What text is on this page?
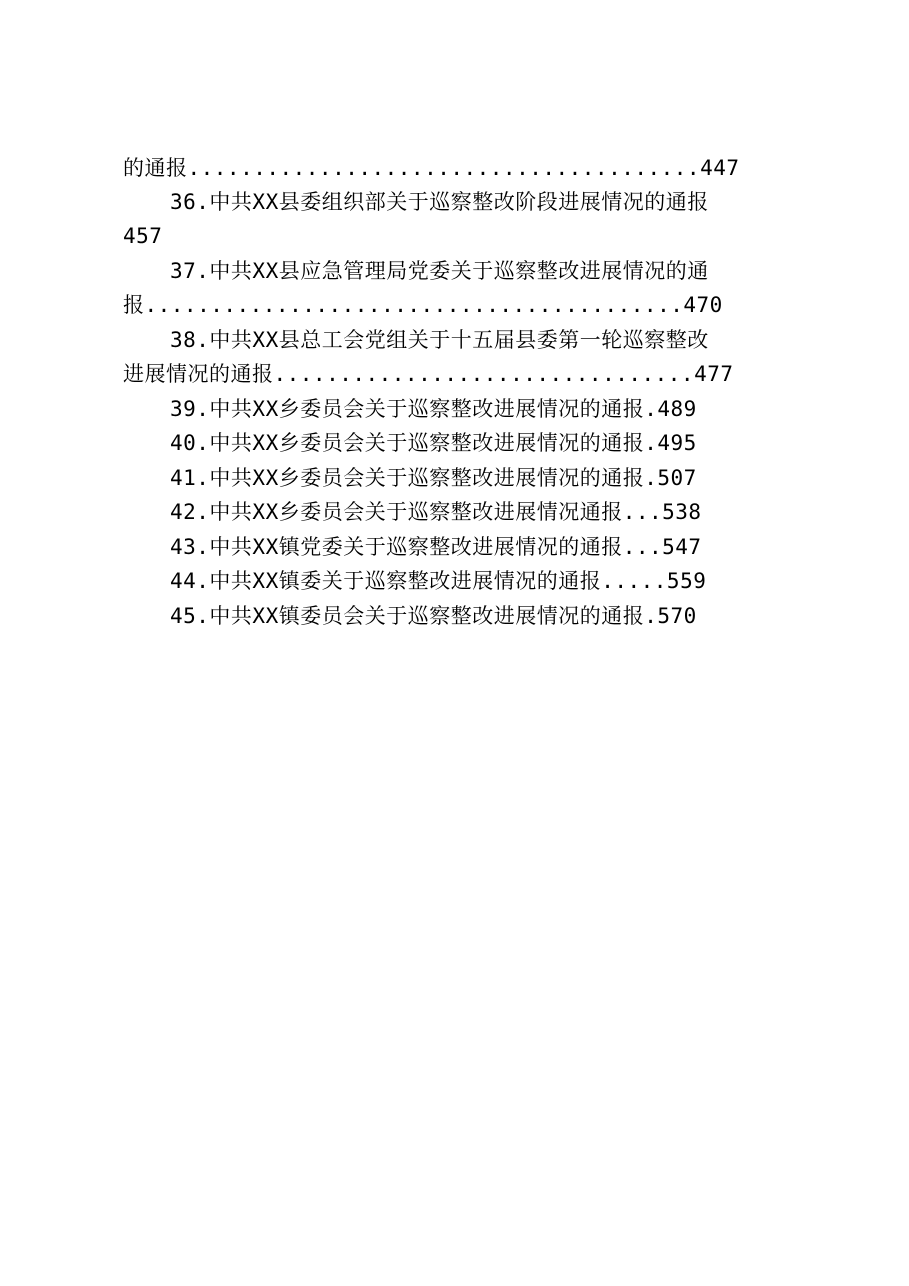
的通报.......................................447
36.中共XX县委组织部关于巡察整改阶段进展情况的通报
457
37.中共XX县应急管理局党委关于巡察整改进展情况的通
报.........................................470
38.中共XX县总工会党组关于十五届县委第一轮巡察整改
进展情况的通报................................477
39.中共XX乡委员会关于巡察整改进展情况的通报.489
40.中共XX乡委员会关于巡察整改进展情况的通报.495
41.中共XX乡委员会关于巡察整改进展情况的通报.507
42.中共XX乡委员会关于巡察整改进展情况通报...538
43.中共XX镇党委关于巡察整改进展情况的通报...547
44.中共XX镇委关于巡察整改进展情况的通报.....559
45.中共XX镇委员会关于巡察整改进展情况的通报.570
